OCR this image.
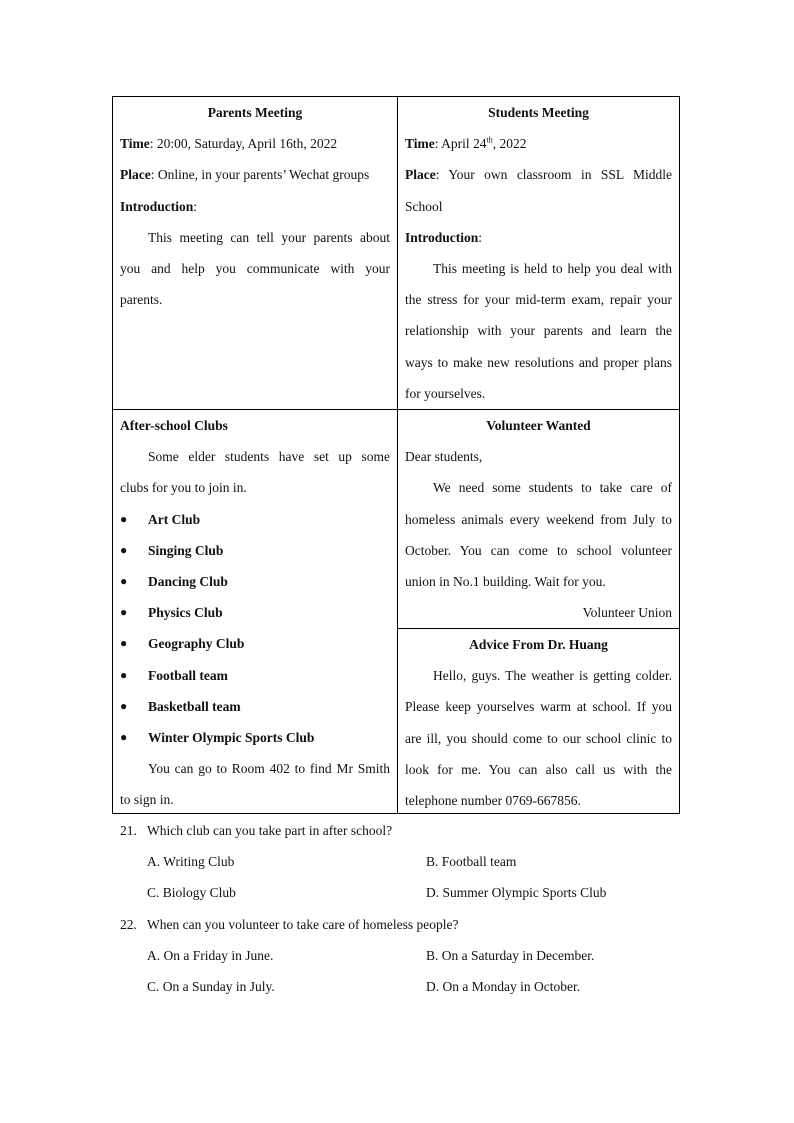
Parents Meeting
Time: 20:00, Saturday, April 16th, 2022
Place: Online, in your parents’ Wechat groups
Introduction:
This meeting can tell your parents about
you and help you communicate with your
parents.
Students Meeting
Time: April 24th, 2022
Place: Your own classroom in SSL Middle
School
Introduction:
This meeting is held to help you deal with
the stress for your mid-term exam, repair your
relationship with your parents and learn the
ways to make new resolutions and proper plans
for yourselves.
After-school Clubs
Some elder students have set up some
clubs for you to join in.
●	Art Club
●	Singing Club
●	Dancing Club
●	Physics Club
●	Geography Club
●	Football team
●	Basketball team
●	Winter Olympic Sports Club
You can go to Room 402 to find Mr Smith
to sign in.
Volunteer Wanted
Dear students,
We need some students to take care of
homeless animals every weekend from July to
October. You can come to school volunteer
union in No.1 building. Wait for you.
Volunteer Union
Advice From Dr. Huang
Hello, guys. The weather is getting colder.
Please keep yourselves warm at school. If you
are ill, you should come to our school clinic to
look for me. You can also call us with the
telephone number 0769-667856.
21. Which club can you take part in after school?
A. Writing Club	B. Football team
C. Biology Club	D. Summer Olympic Sports Club
22. When can you volunteer to take care of homeless people?
A. On a Friday in June.	B. On a Saturday in December.
C. On a Sunday in July.	D. On a Monday in October.
